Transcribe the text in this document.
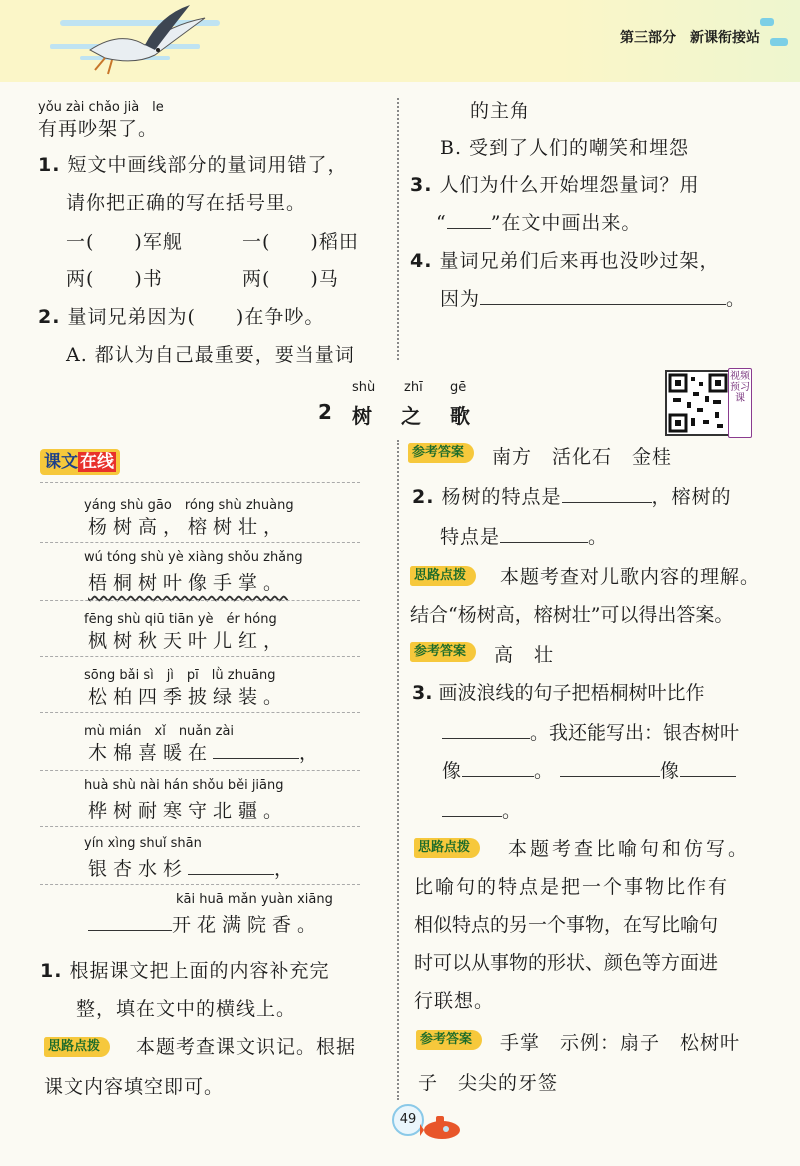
第三部分　新课衔接站
yǒu zài chǎo jià　le
有再吵架了。
1. 短文中画线部分的量词用错了，
请你把正确的写在括号里。
一(　　)军舰	一(　　)稻田
两(　　)书	两(　　)马
2. 量词兄弟因为(　　)在争吵。
A. 都认为自己最重要，要当量词
的主角
B. 受到了人们的嘲笑和埋怨
3. 人们为什么开始埋怨量词？用
“ ”在文中画出来。
4. 量词兄弟们后来再也没吵过架，
因为	。
shù zhī gē
2 树 之 歌
视频预习课
课文 在线
yáng shù gāo　róng shù zhuàng
杨树高，榕树壮，
wú tóng shù yè xiàng shǒu zhǎng
梧桐树叶像手掌。
fēng shù qiū tiān yè　ér hóng
枫树秋天叶儿红，
sōng bǎi sì　jì　pī　lǜ zhuāng
松柏四季披绿装。
mù mián　xǐ　nuǎn zài
木棉喜暖在	，
huà shù nài hán shǒu běi jiāng
桦树耐寒守北疆。
yín xìng shuǐ shān
银杏水杉	，
kāi huā mǎn yuàn xiāng
开花满院香。
1. 根据课文把上面的内容补充完
整，填在文中的横线上。
思路点拨	本题考查课文识记。根据
课文内容填空即可。
参考答案	南方　活化石　金桂
2. 杨树的特点是	，榕树的
特点是	。
思路点拨	本题考查对儿歌内容的理解。
结合“杨树高，榕树壮”可以得出答案。
参考答案	高　壮
3. 画波浪线的句子把梧桐树叶比作
。我还能写出：银杏树叶
像	。	像
。
思路点拨	本题考查比喻句和仿写。
比喻句的特点是把一个事物比作有
相似特点的另一个事物，在写比喻句
时可以从事物的形状、颜色等方面进
行联想。
参考答案	手掌　示例：扇子　松树叶
子　尖尖的牙签
49
